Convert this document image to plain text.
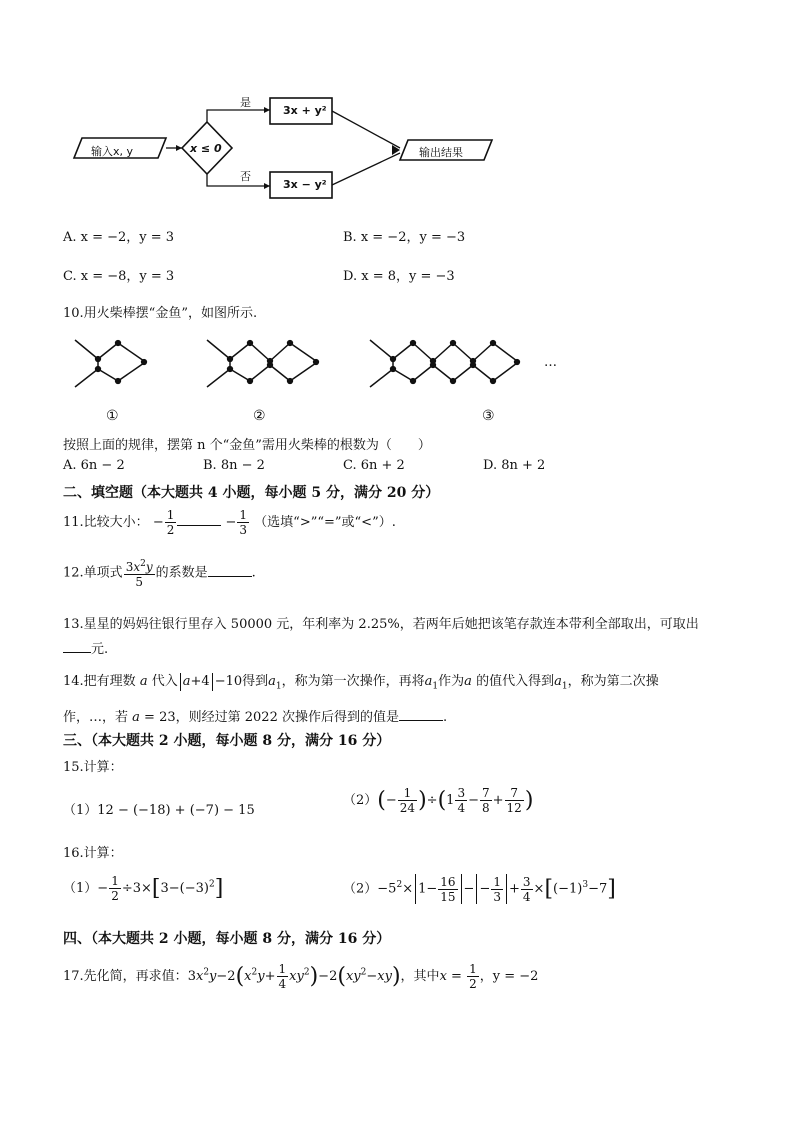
输入x, y	x ≤ 0
是
否
3x + y²
3x − y²
输出结果
A. x = −2，y = 3	B. x = −2，y = −3
C. x = −8，y = 3	D. x = 8，y = −3
10.用火柴棒摆“金鱼”，如图所示.
…
①	②	③
按照上面的规律，摆第 n 个“金鱼”需用火柴棒的根数为（　　）
A. 6n − 2	B. 8n − 2	C. 6n + 2	D. 8n + 2
二、填空题（本大题共 4 小题，每小题 5 分，满分 20 分）
11.比较大小： − $\frac{1}{2}$	− $\frac{1}{3}$ （选填“>”“=”或“<”）.
12.单项式 $\frac{3x^2y}{5}$ 的系数是	.
13.星星的妈妈往银行里存入 50000 元，年利率为 2.25%，若两年后她把该笔存款连本带利全部取出，可取出
元.
14.把有理数 a 代入 a+4 −10得到$a_1$，称为第一次操作，再将$a_1$作为a 的值代入得到$a_1$，称为第二次操
作，…，若 a = 23，则经过第 2022 次操作后得到的值是	.
三、（本大题共 2 小题，每小题 8 分，满分 16 分）
15.计算：
（1）12 − (−18) + (−7) − 15
$(2)(- \frac{1}{24} )\div(1 \frac{3}{4} - \frac{7}{8} + \frac{7}{12}$ )
16.计算：
$(1)- \frac{1}{2} \div 3\times[3-(-3)^2]$	$(2)-5^2\times 1- \frac{16}{15}$ − − $\frac{1}{3} + \frac{3}{4} \times[(-1)^3-7]$
四、（本大题共 2 小题，每小题 8 分，满分 16 分）
17.先化简，再求值：$3x^2y-2(x^2y+ \frac{1}{4} xy^2)-2(xy^2-xy)$，其中$x = \frac{1}{2}$ ，y = −2
